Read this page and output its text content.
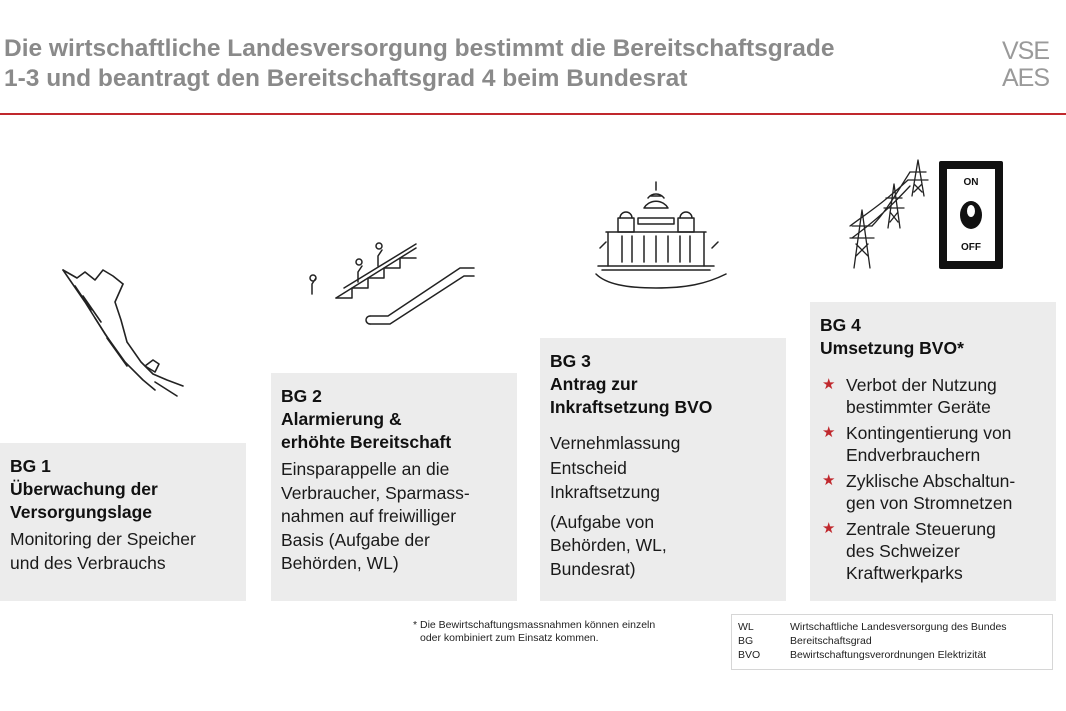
Die wirtschaftliche Landesversorgung bestimmt die Bereitschaftsgrade
1-3 und beantragt den Bereitschaftsgrad 4 beim Bundesrat
VSE
AES
ON
OFF
BG 1
Überwachung der
Versorgungslage

Monitoring der Speicher
und des Verbrauchs

BG 2
Alarmierung &
erhöhte Bereitschaft

Einsparappelle an die
Verbraucher, Sparmass-
nahmen auf freiwilliger
Basis (Aufgabe der
Behörden, WL)

BG 3
Antrag zur
Inkraftsetzung BVO

Vernehmlassung

Entscheid

Inkraftsetzung

(Aufgabe von
Behörden, WL,
Bundesrat)

BG 4
Umsetzung BVO*
★ Verbot der Nutzung
bestimmter Geräte
★ Kontingentierung von
Endverbrauchern
★ Zyklische Abschaltun-
gen von Stromnetzen
★ Zentrale Steuerung
des Schweizer
Kraftwerkparks
* Die Bewirtschaftungsmassnahmen können einzeln
oder kombiniert zum Einsatz kommen.
WL	Wirtschaftliche Landesversorgung des Bundes
BG	Bereitschaftsgrad
BVO	Bewirtschaftungsverordnungen Elektrizität
